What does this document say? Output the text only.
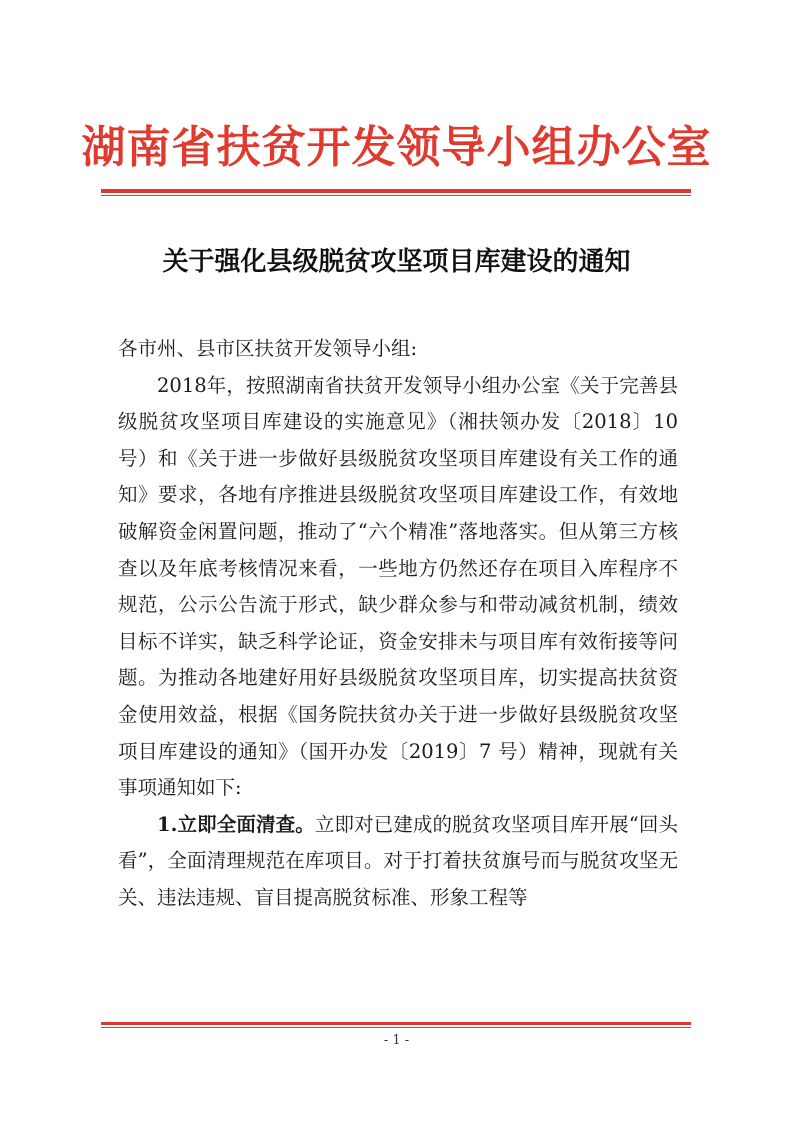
湖南省扶贫开发领导小组办公室
关于强化县级脱贫攻坚项目库建设的通知

各市州、县市区扶贫开发领导小组:

2018年，按照湖南省扶贫开发领导小组办公室《关于完善县级脱贫攻坚项目库建设的实施意见》（湘扶领办发〔2018〕10 号）和《关于进一步做好县级脱贫攻坚项目库建设有关工作的通知》要求，各地有序推进县级脱贫攻坚项目库建设工作，有效地破解资金闲置问题，推动了“六个精准”落地落实。但从第三方核查以及年底考核情况来看，一些地方仍然还存在项目入库程序不规范，公示公告流于形式，缺少群众参与和带动减贫机制，绩效目标不详实，缺乏科学论证，资金安排未与项目库有效衔接等问题。为推动各地建好用好县级脱贫攻坚项目库，切实提高扶贫资金使用效益，根据《国务院扶贫办关于进一步做好县级脱贫攻坚项目库建设的通知》（国开办发〔2019〕7 号）精神，现就有关事项通知如下:

1.立即全面清查。立即对已建成的脱贫攻坚项目库开展“回头看”，全面清理规范在库项目。对于打着扶贫旗号而与脱贫攻坚无关、违法违规、盲目提高脱贫标准、形象工程等

- 1 -
